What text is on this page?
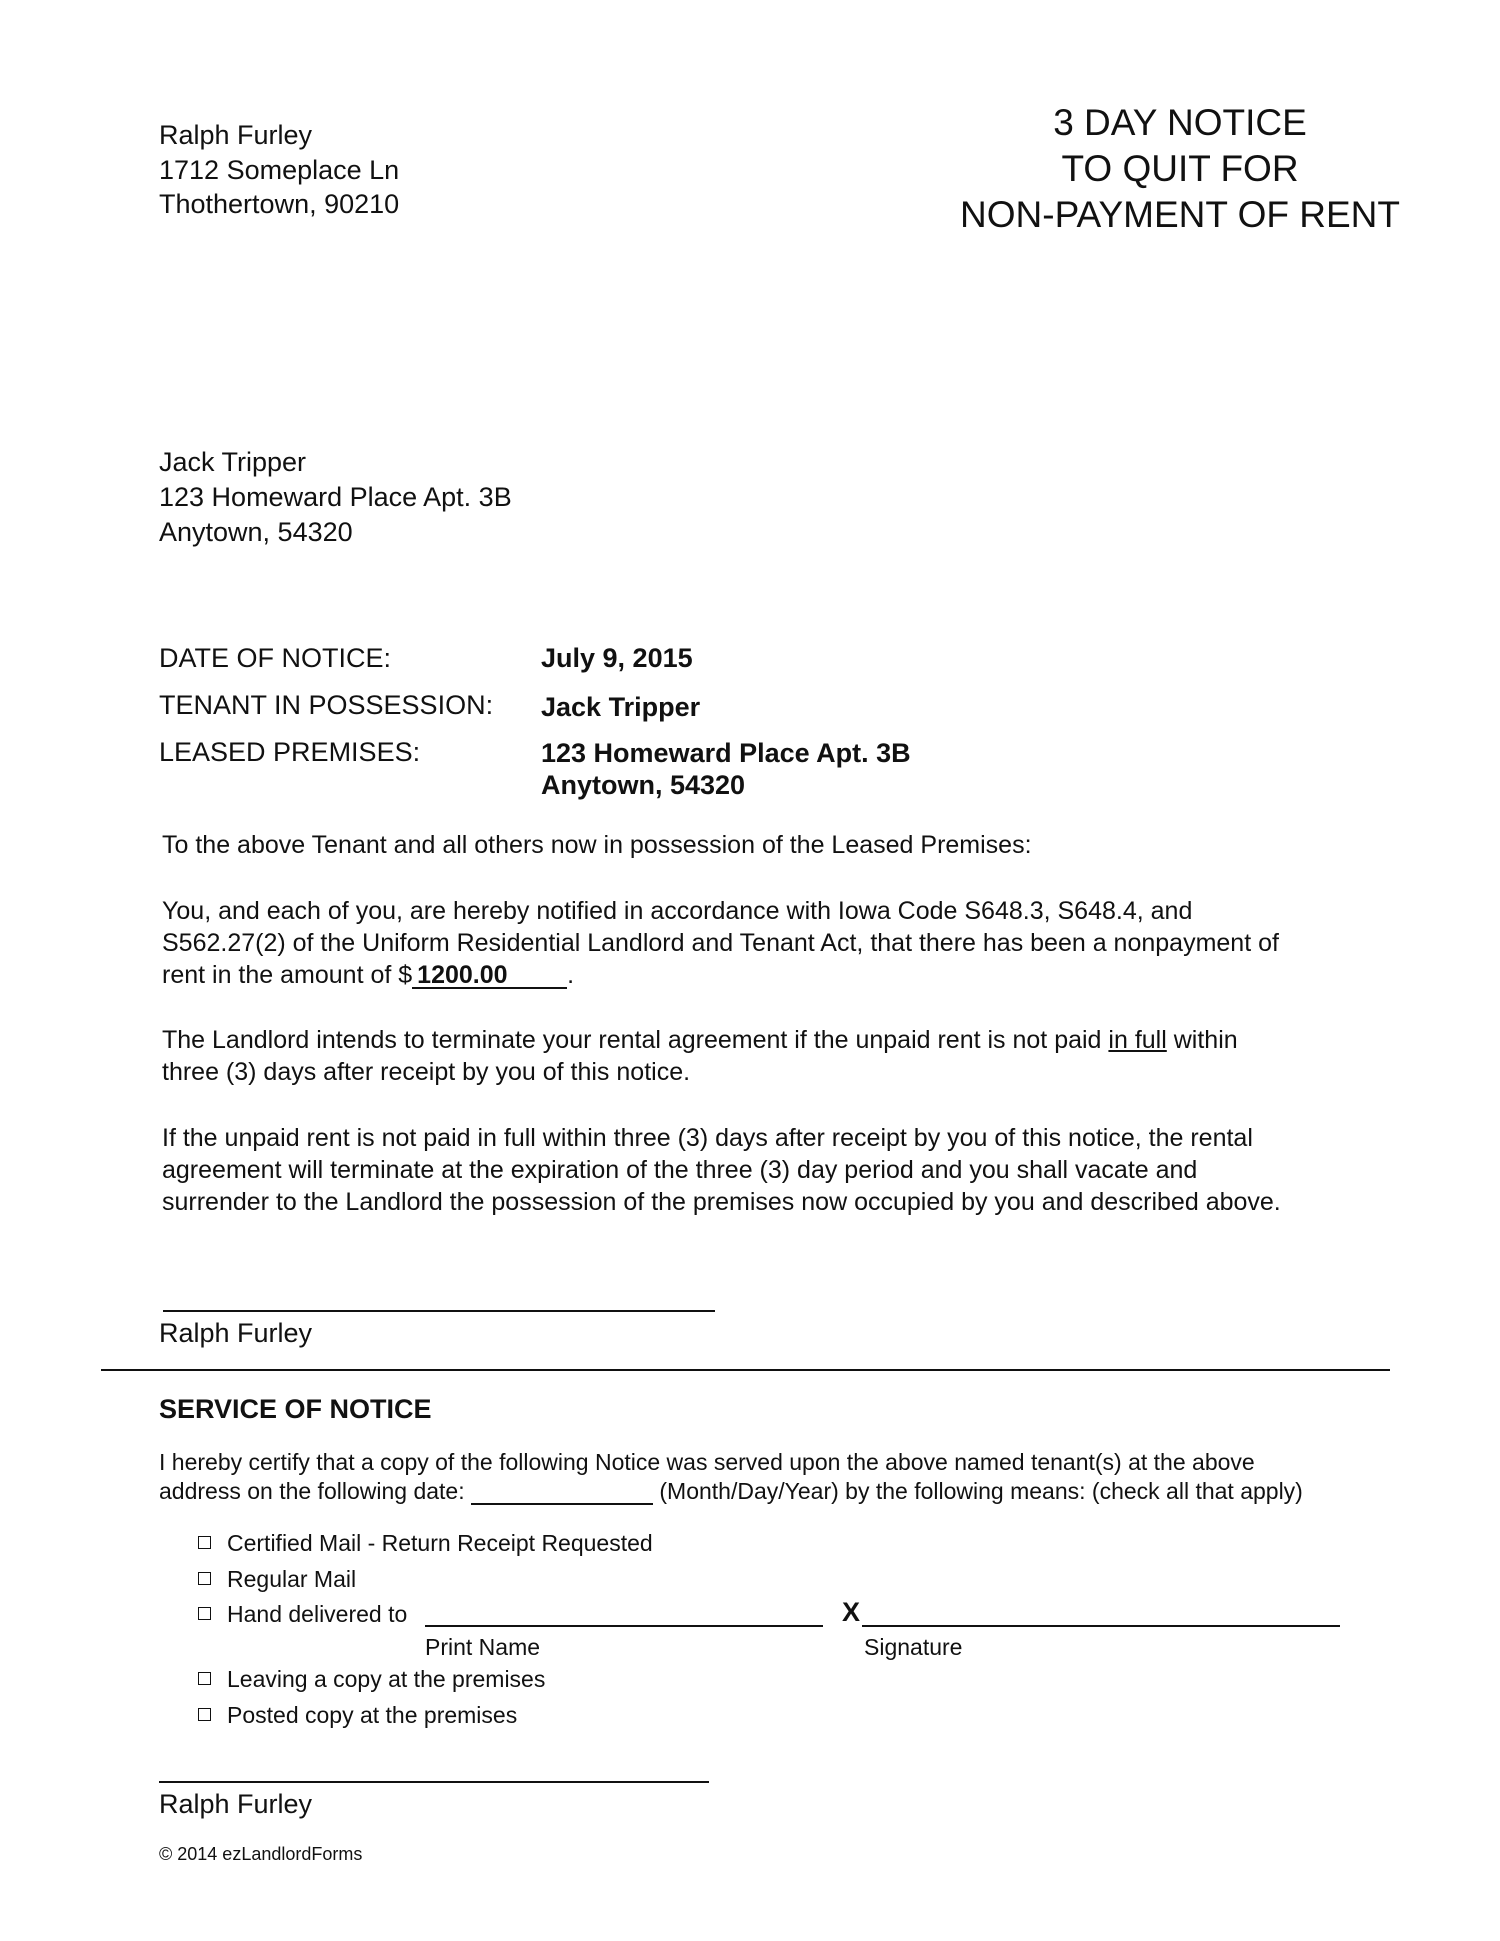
Ralph Furley
1712 Someplace Ln
Thothertown, 90210
3 DAY NOTICE
TO QUIT FOR
NON-PAYMENT OF RENT
Jack Tripper
123 Homeward Place Apt. 3B
Anytown, 54320
DATE OF NOTICE:	July 9, 2015
TENANT IN POSSESSION: Jack Tripper
LEASED PREMISES:	123 Homeward Place Apt. 3B
Anytown, 54320
To the above Tenant and all others now in possession of the Leased Premises:
You, and each of you, are hereby notified in accordance with Iowa Code S648.3, S648.4, and
S562.27(2) of the Uniform Residential Landlord and Tenant Act, that there has been a nonpayment of
rent in the amount of $ 1200.00 .
The Landlord intends to terminate your rental agreement if the unpaid rent is not paid in full within
three (3) days after receipt by you of this notice.
If the unpaid rent is not paid in full within three (3) days after receipt by you of this notice, the rental
agreement will terminate at the expiration of the three (3) day period and you shall vacate and
surrender to the Landlord the possession of the premises now occupied by you and described above.
Ralph Furley
SERVICE OF NOTICE
I hereby certify that a copy of the following Notice was served upon the above named tenant(s) at the above
address on the following date:	(Month/Day/Year) by the following means: (check all that apply)
Certified Mail - Return Receipt Requested
Regular Mail
Hand delivered to	X
Print Name	Signature
Leaving a copy at the premises
Posted copy at the premises
Ralph Furley
© 2014 ezLandlordForms
